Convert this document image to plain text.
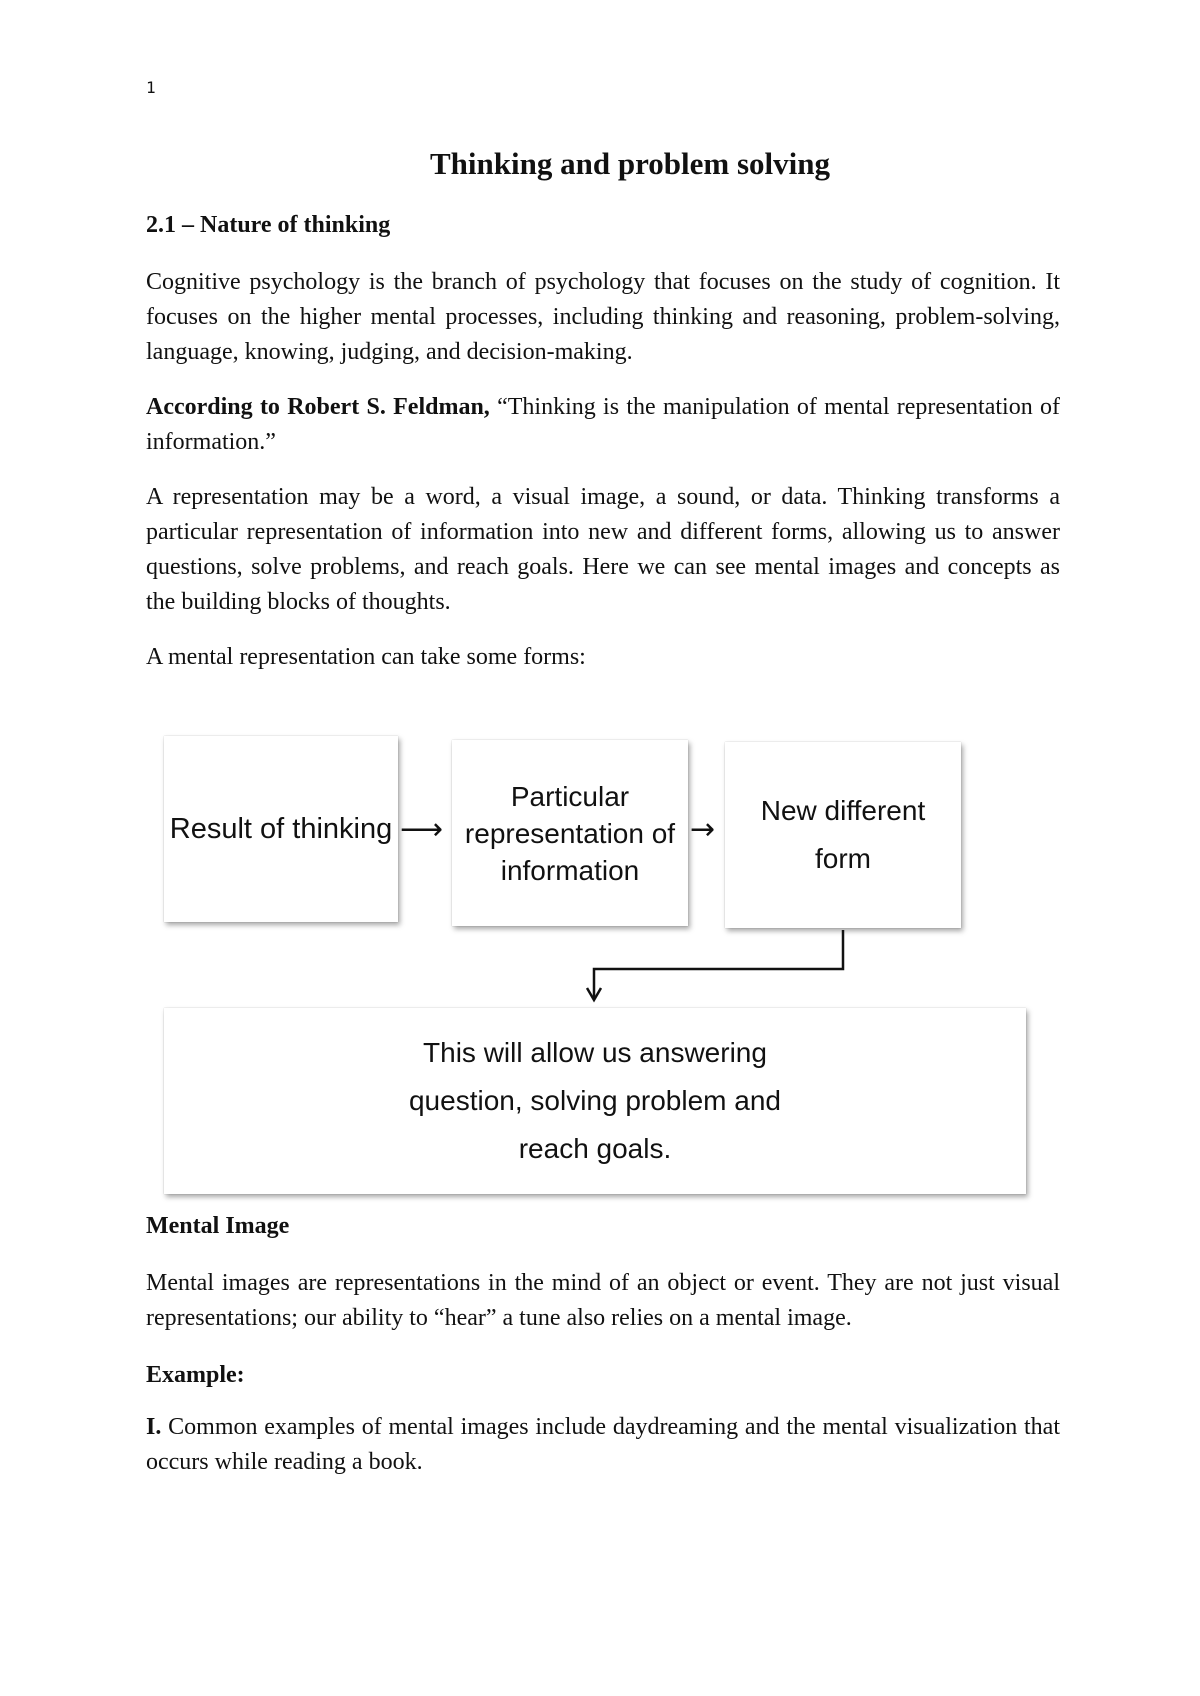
1
Thinking and problem solving
2.1 – Nature of thinking

Cognitive psychology is the branch of psychology that focuses on the study of cognition. It focuses on the higher mental processes, including thinking and reasoning, problem-solving, language, knowing, judging, and decision-making.

According to Robert S. Feldman, “Thinking is the manipulation of mental representation of information.”

A representation may be a word, a visual image, a sound, or data. Thinking transforms a particular representation of information into new and different forms, allowing us to answer questions, solve problems, and reach goals. Here we can see mental images and concepts as the building blocks of thoughts.

A mental representation can take some forms:

Result of thinking ⟶
Particular
representation of
information
→
New different
form
This will allow us answering
question, solving problem and
reach goals.
Mental Image

Mental images are representations in the mind of an object or event. They are not just visual representations; our ability to “hear” a tune also relies on a mental image.

Example:

I. Common examples of mental images include daydreaming and the mental visualization that occurs while reading a book.
